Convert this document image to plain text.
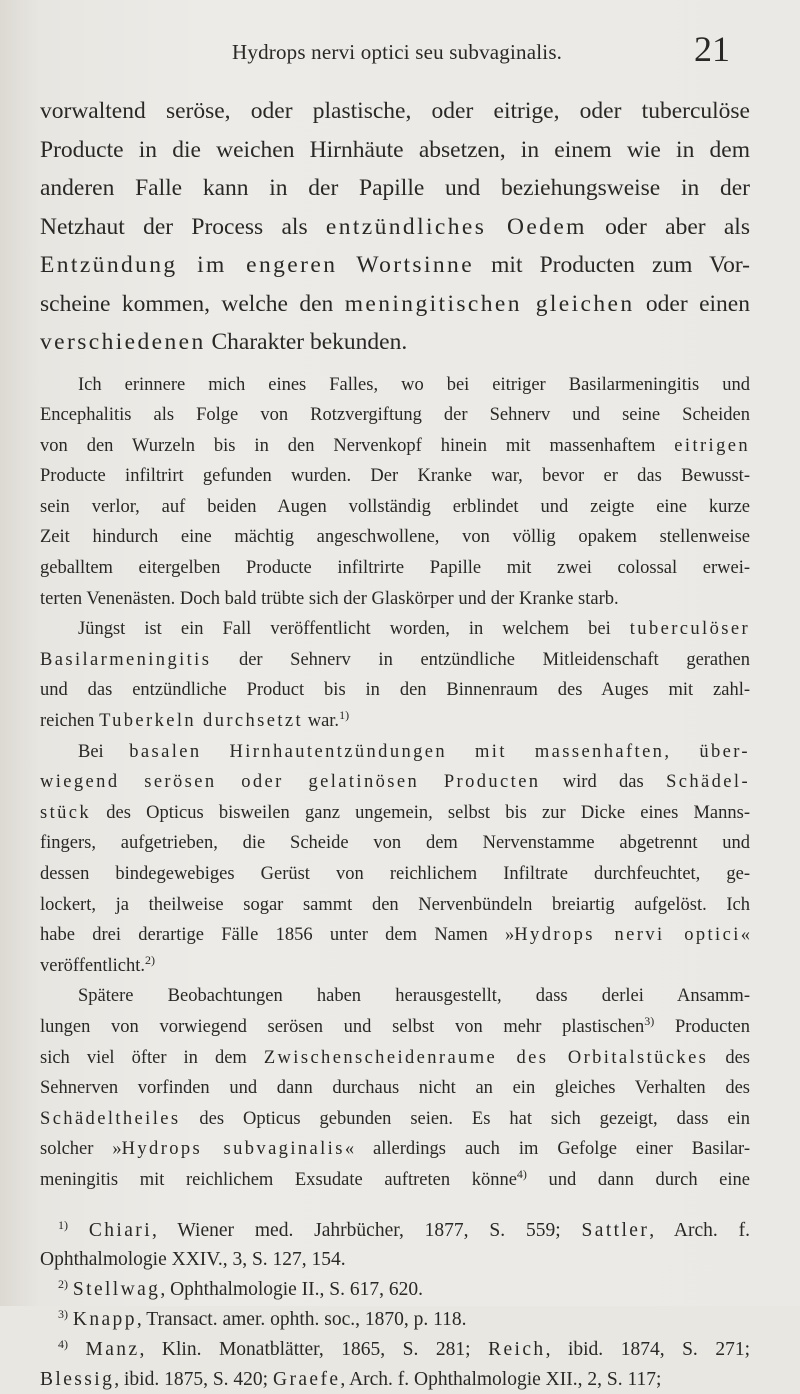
Hydrops nervi optici seu subvaginalis.	21

vorwaltend seröse, oder plastische, oder eitrige, oder tuberculöse

Producte in die weichen Hirnhäute absetzen, in einem wie in dem

anderen Falle kann in der Papille und beziehungsweise in der

Netzhaut der Process als entzündliches Oedem oder aber als

Entzündung im engeren Wortsinne mit Producten zum Vor-

scheine kommen, welche den meningitischen gleichen oder einen

verschiedenen Charakter bekunden.

Ich erinnere mich eines Falles, wo bei eitriger Basilarmeningitis und

Encephalitis als Folge von Rotzvergiftung der Sehnerv und seine Scheiden

von den Wurzeln bis in den Nervenkopf hinein mit massenhaftem eitrigen

Producte infiltrirt gefunden wurden. Der Kranke war, bevor er das Bewusst-

sein verlor, auf beiden Augen vollständig erblindet und zeigte eine kurze

Zeit hindurch eine mächtig angeschwollene, von völlig opakem stellenweise

geballtem eitergelben Producte infiltrirte Papille mit zwei colossal erwei-

terten Venenästen. Doch bald trübte sich der Glaskörper und der Kranke starb.

Jüngst ist ein Fall veröffentlicht worden, in welchem bei tuberculöser

Basilarmeningitis der Sehnerv in entzündliche Mitleidenschaft gerathen

und das entzündliche Product bis in den Binnenraum des Auges mit zahl-

reichen Tuberkeln durchsetzt war.$^{1)}$

Bei basalen Hirnhautentzündungen mit massenhaften, über-

wiegend serösen oder gelatinösen Producten wird das Schädel-

stück des Opticus bisweilen ganz ungemein, selbst bis zur Dicke eines Manns-

fingers, aufgetrieben, die Scheide von dem Nervenstamme abgetrennt und

dessen bindegewebiges Gerüst von reichlichem Infiltrate durchfeuchtet, ge-

lockert, ja theilweise sogar sammt den Nervenbündeln breiartig aufgelöst. Ich

habe drei derartige Fälle 1856 unter dem Namen »Hydrops nervi optici«

veröffentlicht.$^{2)}$

Spätere Beobachtungen haben herausgestellt, dass derlei Ansamm-

lungen von vorwiegend serösen und selbst von mehr plastischen$^{3)}$ Producten

sich viel öfter in dem Zwischenscheidenraume des Orbitalstückes des

Sehnerven vorfinden und dann durchaus nicht an ein gleiches Verhalten des

Schädeltheiles des Opticus gebunden seien. Es hat sich gezeigt, dass ein

solcher »Hydrops subvaginalis« allerdings auch im Gefolge einer Basilar-

meningitis mit reichlichem Exsudate auftreten könne$^{4)}$ und dann durch eine

$^{1)}$ Chiari, Wiener med. Jahrbücher, 1877, S. 559; Sattler, Arch. f.

Ophthalmologie XXIV., 3, S. 127, 154.

$^{2)}$ Stellwag, Ophthalmologie II., S. 617, 620.

$^{3)}$ Knapp, Transact. amer. ophth. soc., 1870, p. 118.

$^{4)}$ Manz, Klin. Monatblätter, 1865, S. 281; Reich, ibid. 1874, S. 271;

Blessig, ibid. 1875, S. 420; Graefe, Arch. f. Ophthalmologie XII., 2, S. 117;
